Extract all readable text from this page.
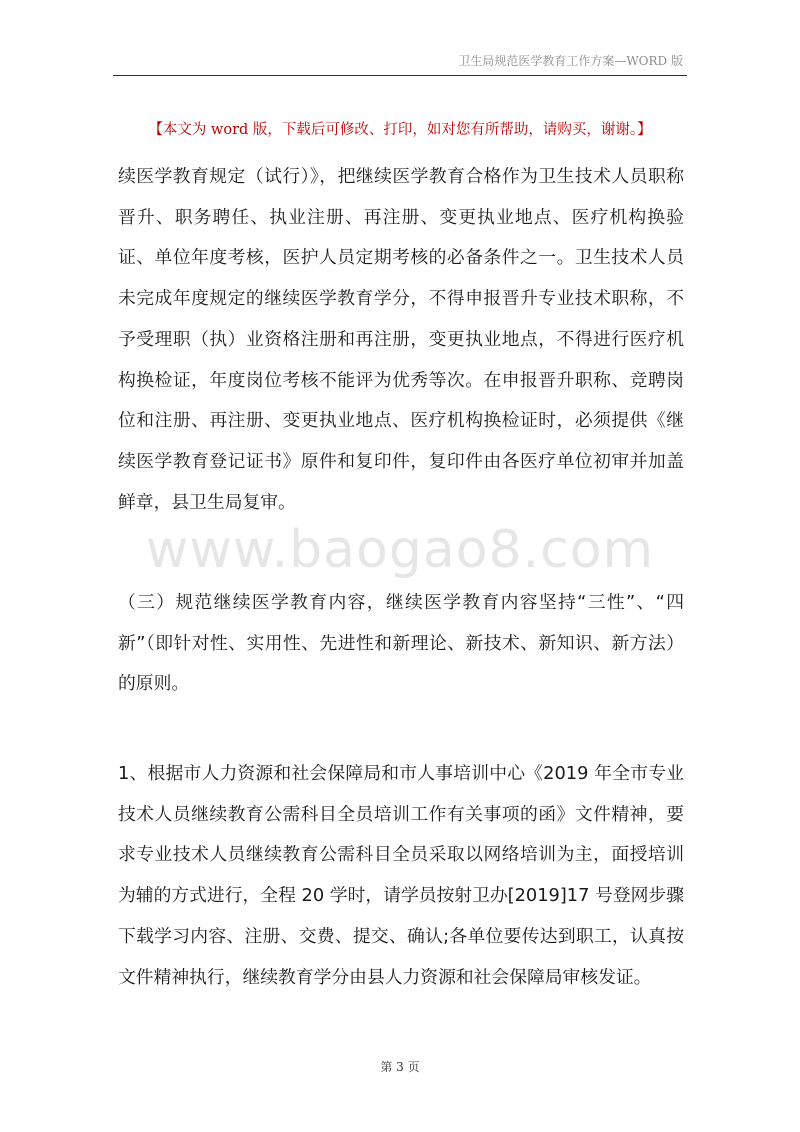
卫生局规范医学教育工作方案—WORD 版
【本文为 word 版，下载后可修改、打印，如对您有所帮助，请购买，谢谢。】
www.baogao8.com
续医学教育规定（试行）》，把继续医学教育合格作为卫生技术人员职称晋升、职务聘任、执业注册、再注册、变更执业地点、医疗机构换验证、单位年度考核，医护人员定期考核的必备条件之一。卫生技术人员未完成年度规定的继续医学教育学分，不得申报晋升专业技术职称，不予受理职（执）业资格注册和再注册，变更执业地点，不得进行医疗机构换检证，年度岗位考核不能评为优秀等次。在申报晋升职称、竞聘岗位和注册、再注册、变更执业地点、医疗机构换检证时，必须提供《继续医学教育登记证书》原件和复印件，复印件由各医疗单位初审并加盖鲜章，县卫生局复审。
（三）规范继续医学教育内容，继续医学教育内容坚持“三性”、“四新”（即针对性、实用性、先进性和新理论、新技术、新知识、新方法）的原则。
1、根据市人力资源和社会保障局和市人事培训中心《2019 年全市专业技术人员继续教育公需科目全员培训工作有关事项的函》文件精神，要求专业技术人员继续教育公需科目全员采取以网络培训为主，面授培训为辅的方式进行，全程 20 学时，请学员按射卫办[2019]17 号登网步骤下载学习内容、注册、交费、提交、确认;各单位要传达到职工，认真按文件精神执行，继续教育学分由县人力资源和社会保障局审核发证。
第 3 页
